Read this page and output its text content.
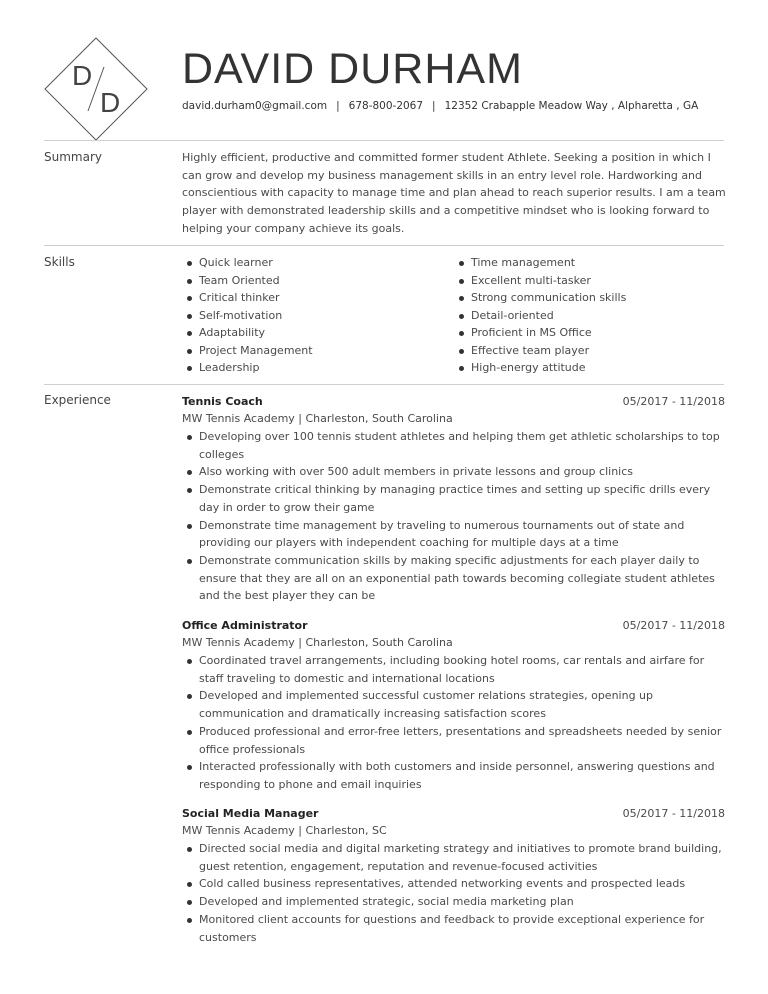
D
D
DAVID DURHAM
david.durham0@gmail.com | 678-800-2067 | 12352 Crabapple Meadow Way , Alpharetta , GA
Summary	Highly efficient, productive and committed former student Athlete. Seeking a position in which I can grow and develop my business management skills in an entry level role. Hardworking and conscientious with capacity to manage time and plan ahead to reach superior results. I am a team player with demonstrated leadership skills and a competitive mindset who is looking forward to helping your company achieve its goals.
Skills	Quick learner
Team Oriented
Critical thinker
Self-motivation
Adaptability
Project Management
Leadership
Time management
Excellent multi-tasker
Strong communication skills
Detail-oriented
Proficient in MS Office
Effective team player
High-energy attitude
Experience	Tennis Coach	05/2017 - 11/2018
MW Tennis Academy | Charleston, South Carolina
Developing over 100 tennis student athletes and helping them get athletic scholarships to top colleges
Also working with over 500 adult members in private lessons and group clinics
Demonstrate critical thinking by managing practice times and setting up specific drills every day in order to grow their game
Demonstrate time management by traveling to numerous tournaments out of state and providing our players with independent coaching for multiple days at a time
Demonstrate communication skills by making specific adjustments for each player daily to ensure that they are all on an exponential path towards becoming collegiate student athletes and the best player they can be
Office Administrator	05/2017 - 11/2018
MW Tennis Academy | Charleston, South Carolina
Coordinated travel arrangements, including booking hotel rooms, car rentals and airfare for staff traveling to domestic and international locations
Developed and implemented successful customer relations strategies, opening up communication and dramatically increasing satisfaction scores
Produced professional and error-free letters, presentations and spreadsheets needed by senior office professionals
Interacted professionally with both customers and inside personnel, answering questions and responding to phone and email inquiries
Social Media Manager	05/2017 - 11/2018
MW Tennis Academy | Charleston, SC
Directed social media and digital marketing strategy and initiatives to promote brand building, guest retention, engagement, reputation and revenue-focused activities
Cold called business representatives, attended networking events and prospected leads
Developed and implemented strategic, social media marketing plan
Monitored client accounts for questions and feedback to provide exceptional experience for customers
